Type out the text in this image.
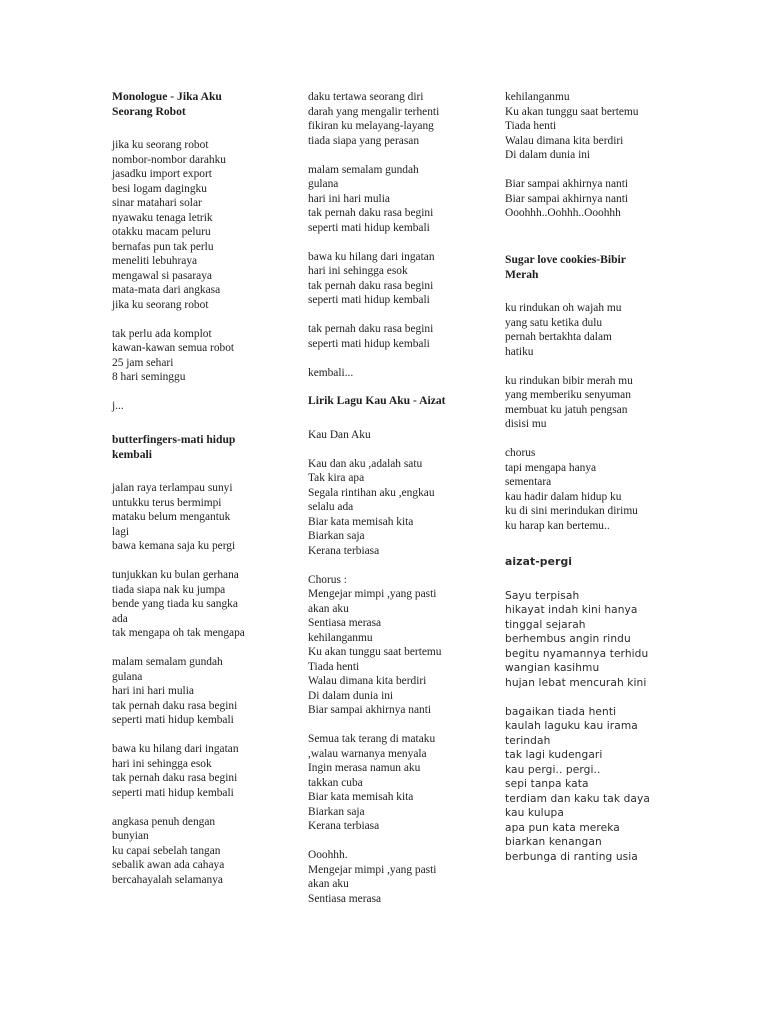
Monologue - Jika Aku
Seorang Robot
jika ku seorang robot
nombor-nombor darahku
jasadku import export
besi logam dagingku
sinar matahari solar
nyawaku tenaga letrik
otakku macam peluru
bernafas pun tak perlu
meneliti lebuhraya
mengawal si pasaraya
mata-mata dari angkasa
jika ku seorang robot
tak perlu ada komplot
kawan-kawan semua robot
25 jam sehari
8 hari seminggu
j...
butterfingers-mati hidup
kembali
jalan raya terlampau sunyi
untukku terus bermimpi
mataku belum mengantuk
lagi
bawa kemana saja ku pergi
tunjukkan ku bulan gerhana
tiada siapa nak ku jumpa
bende yang tiada ku sangka
ada
tak mengapa oh tak mengapa
malam semalam gundah
gulana
hari ini hari mulia
tak pernah daku rasa begini
seperti mati hidup kembali
bawa ku hilang dari ingatan
hari ini sehingga esok
tak pernah daku rasa begini
seperti mati hidup kembali
angkasa penuh dengan
bunyian
ku capai sebelah tangan
sebalik awan ada cahaya
bercahayalah selamanya
daku tertawa seorang diri
darah yang mengalir terhenti
fikiran ku melayang-layang
tiada siapa yang perasan
malam semalam gundah
gulana
hari ini hari mulia
tak pernah daku rasa begini
seperti mati hidup kembali
bawa ku hilang dari ingatan
hari ini sehingga esok
tak pernah daku rasa begini
seperti mati hidup kembali
tak pernah daku rasa begini
seperti mati hidup kembali
kembali...
Lirik Lagu Kau Aku - Aizat
Kau Dan Aku
Kau dan aku ,adalah satu
Tak kira apa
Segala rintihan aku ,engkau
selalu ada
Biar kata memisah kita
Biarkan saja
Kerana terbiasa
Chorus :
Mengejar mimpi ,yang pasti
akan aku
Sentiasa merasa
kehilanganmu
Ku akan tunggu saat bertemu
Tiada henti
Walau dimana kita berdiri
Di dalam dunia ini
Biar sampai akhirnya nanti
Semua tak terang di mataku
,walau warnanya menyala
Ingin merasa namun aku
takkan cuba
Biar kata memisah kita
Biarkan saja
Kerana terbiasa
Ooohhh.
Mengejar mimpi ,yang pasti
akan aku
Sentiasa merasa
kehilanganmu
Ku akan tunggu saat bertemu
Tiada henti
Walau dimana kita berdiri
Di dalam dunia ini
Biar sampai akhirnya nanti
Biar sampai akhirnya nanti
Ooohhh..Oohhh..Ooohhh
Sugar love cookies-Bibir
Merah
ku rindukan oh wajah mu
yang satu ketika dulu
pernah bertakhta dalam
hatiku
ku rindukan bibir merah mu
yang memberiku senyuman
membuat ku jatuh pengsan
disisi mu
chorus
tapi mengapa hanya
sementara
kau hadir dalam hidup ku
ku di sini merindukan dirimu
ku harap kan bertemu..
aizat-pergi
Sayu terpisah
hikayat indah kini hanya
tinggal sejarah
berhembus angin rindu
begitu nyamannya terhidu
wangian kasihmu
hujan lebat mencurah kini
bagaikan tiada henti
kaulah laguku kau irama
terindah
tak lagi kudengari
kau pergi.. pergi..
sepi tanpa kata
terdiam dan kaku tak daya
kau kulupa
apa pun kata mereka
biarkan kenangan
berbunga di ranting usia
